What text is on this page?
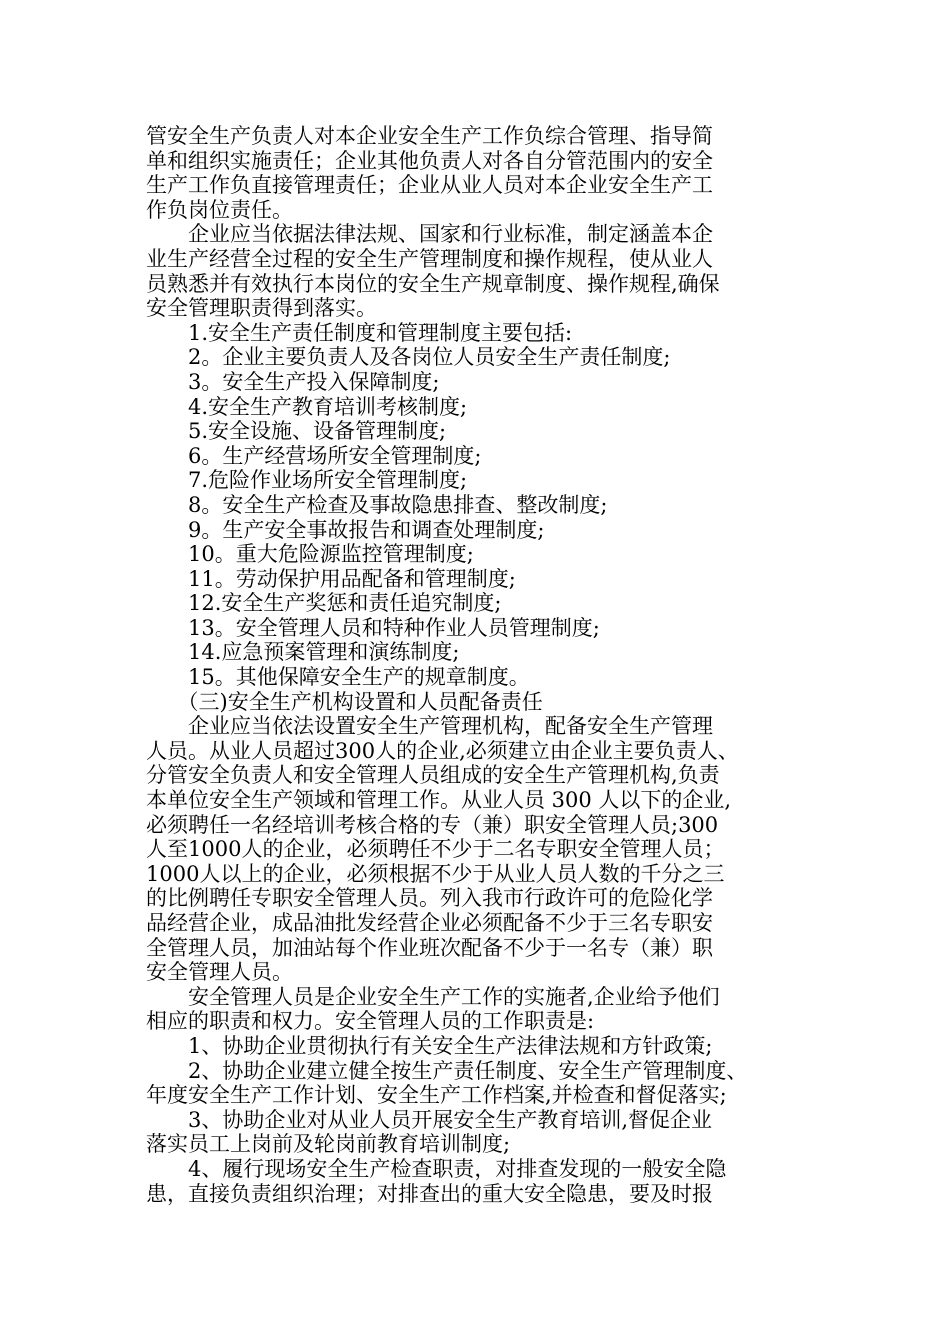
管安全生产负责人对本企业安全生产工作负综合管理、指导简
单和组织实施责任；企业其他负责人对各自分管范围内的安全
生产工作负直接管理责任；企业从业人员对本企业安全生产工
作负岗位责任。
　　企业应当依据法律法规、国家和行业标准，制定涵盖本企
业生产经营全过程的安全生产管理制度和操作规程，使从业人
员熟悉并有效执行本岗位的安全生产规章制度、操作规程,确保
安全管理职责得到落实。
　　1.安全生产责任制度和管理制度主要包括:
　　2。企业主要负责人及各岗位人员安全生产责任制度;
　　3。安全生产投入保障制度;
　　4.安全生产教育培训考核制度;
　　5.安全设施、设备管理制度;
　　6。生产经营场所安全管理制度;
　　7.危险作业场所安全管理制度;
　　8。安全生产检查及事故隐患排查、整改制度;
　　9。生产安全事故报告和调查处理制度;
　　10。重大危险源监控管理制度;
　　11。劳动保护用品配备和管理制度;
　　12.安全生产奖惩和责任追究制度;
　　13。安全管理人员和特种作业人员管理制度;
　　14.应急预案管理和演练制度;
　　15。其他保障安全生产的规章制度。
　　（三)安全生产机构设置和人员配备责任
　　企业应当依法设置安全生产管理机构，配备安全生产管理
人员。从业人员超过300人的企业,必须建立由企业主要负责人、
分管安全负责人和安全管理人员组成的安全生产管理机构,负责
本单位安全生产领域和管理工作。从业人员 300 人以下的企业,
必须聘任一名经培训考核合格的专（兼）职安全管理人员;300
人至1000人的企业，必须聘任不少于二名专职安全管理人员；
1000人以上的企业，必须根据不少于从业人员人数的千分之三
的比例聘任专职安全管理人员。列入我市行政许可的危险化学
品经营企业，成品油批发经营企业必须配备不少于三名专职安
全管理人员，加油站每个作业班次配备不少于一名专（兼）职
安全管理人员。
　　安全管理人员是企业安全生产工作的实施者,企业给予他们
相应的职责和权力。安全管理人员的工作职责是:
　　1、协助企业贯彻执行有关安全生产法律法规和方针政策;
　　2、协助企业建立健全按生产责任制度、安全生产管理制度、
年度安全生产工作计划、安全生产工作档案,并检查和督促落实;
　　3、协助企业对从业人员开展安全生产教育培训,督促企业
落实员工上岗前及轮岗前教育培训制度;
　　4、履行现场安全生产检查职责，对排查发现的一般安全隐
患，直接负责组织治理；对排查出的重大安全隐患，要及时报
